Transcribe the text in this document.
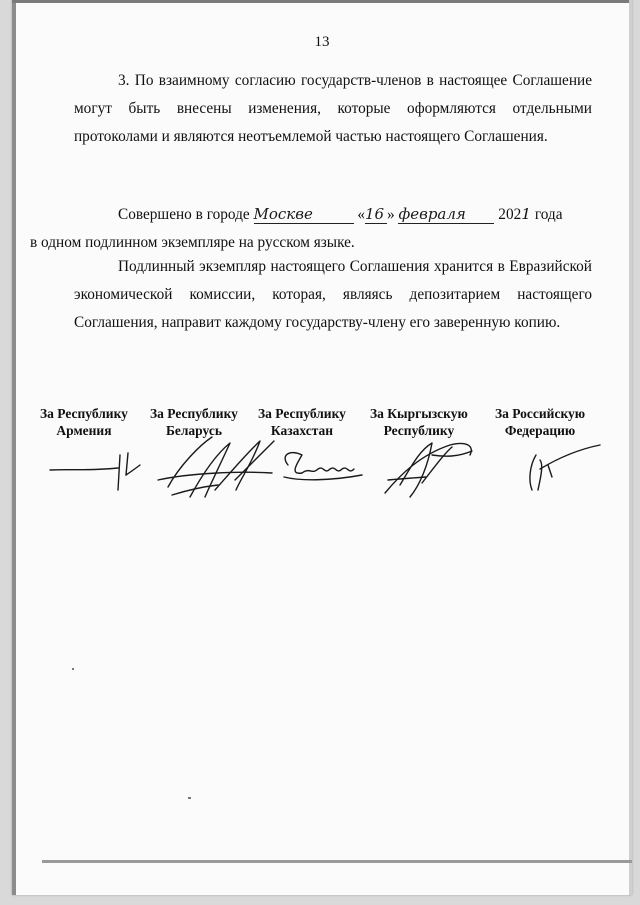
13

3. По взаимному согласию государств-членов в настоящее Соглашение могут быть внесены изменения, которые оформляются отдельными протоколами и являются неотъемлемой частью настоящего Соглашения.

Совершено в городе Москве	«16 » февраля 2021 года
в одном подлинном экземпляре на русском языке.

Подлинный экземпляр настоящего Соглашения хранится в Евразийской экономической комиссии, которая, являясь депозитарием настоящего Соглашения, направит каждому государству-члену его заверенную копию.

За Республику
Армения
За Республику
Беларусь
За Республику
Казахстан
За Кыргызскую
Республику
За Российскую
Федерацию
